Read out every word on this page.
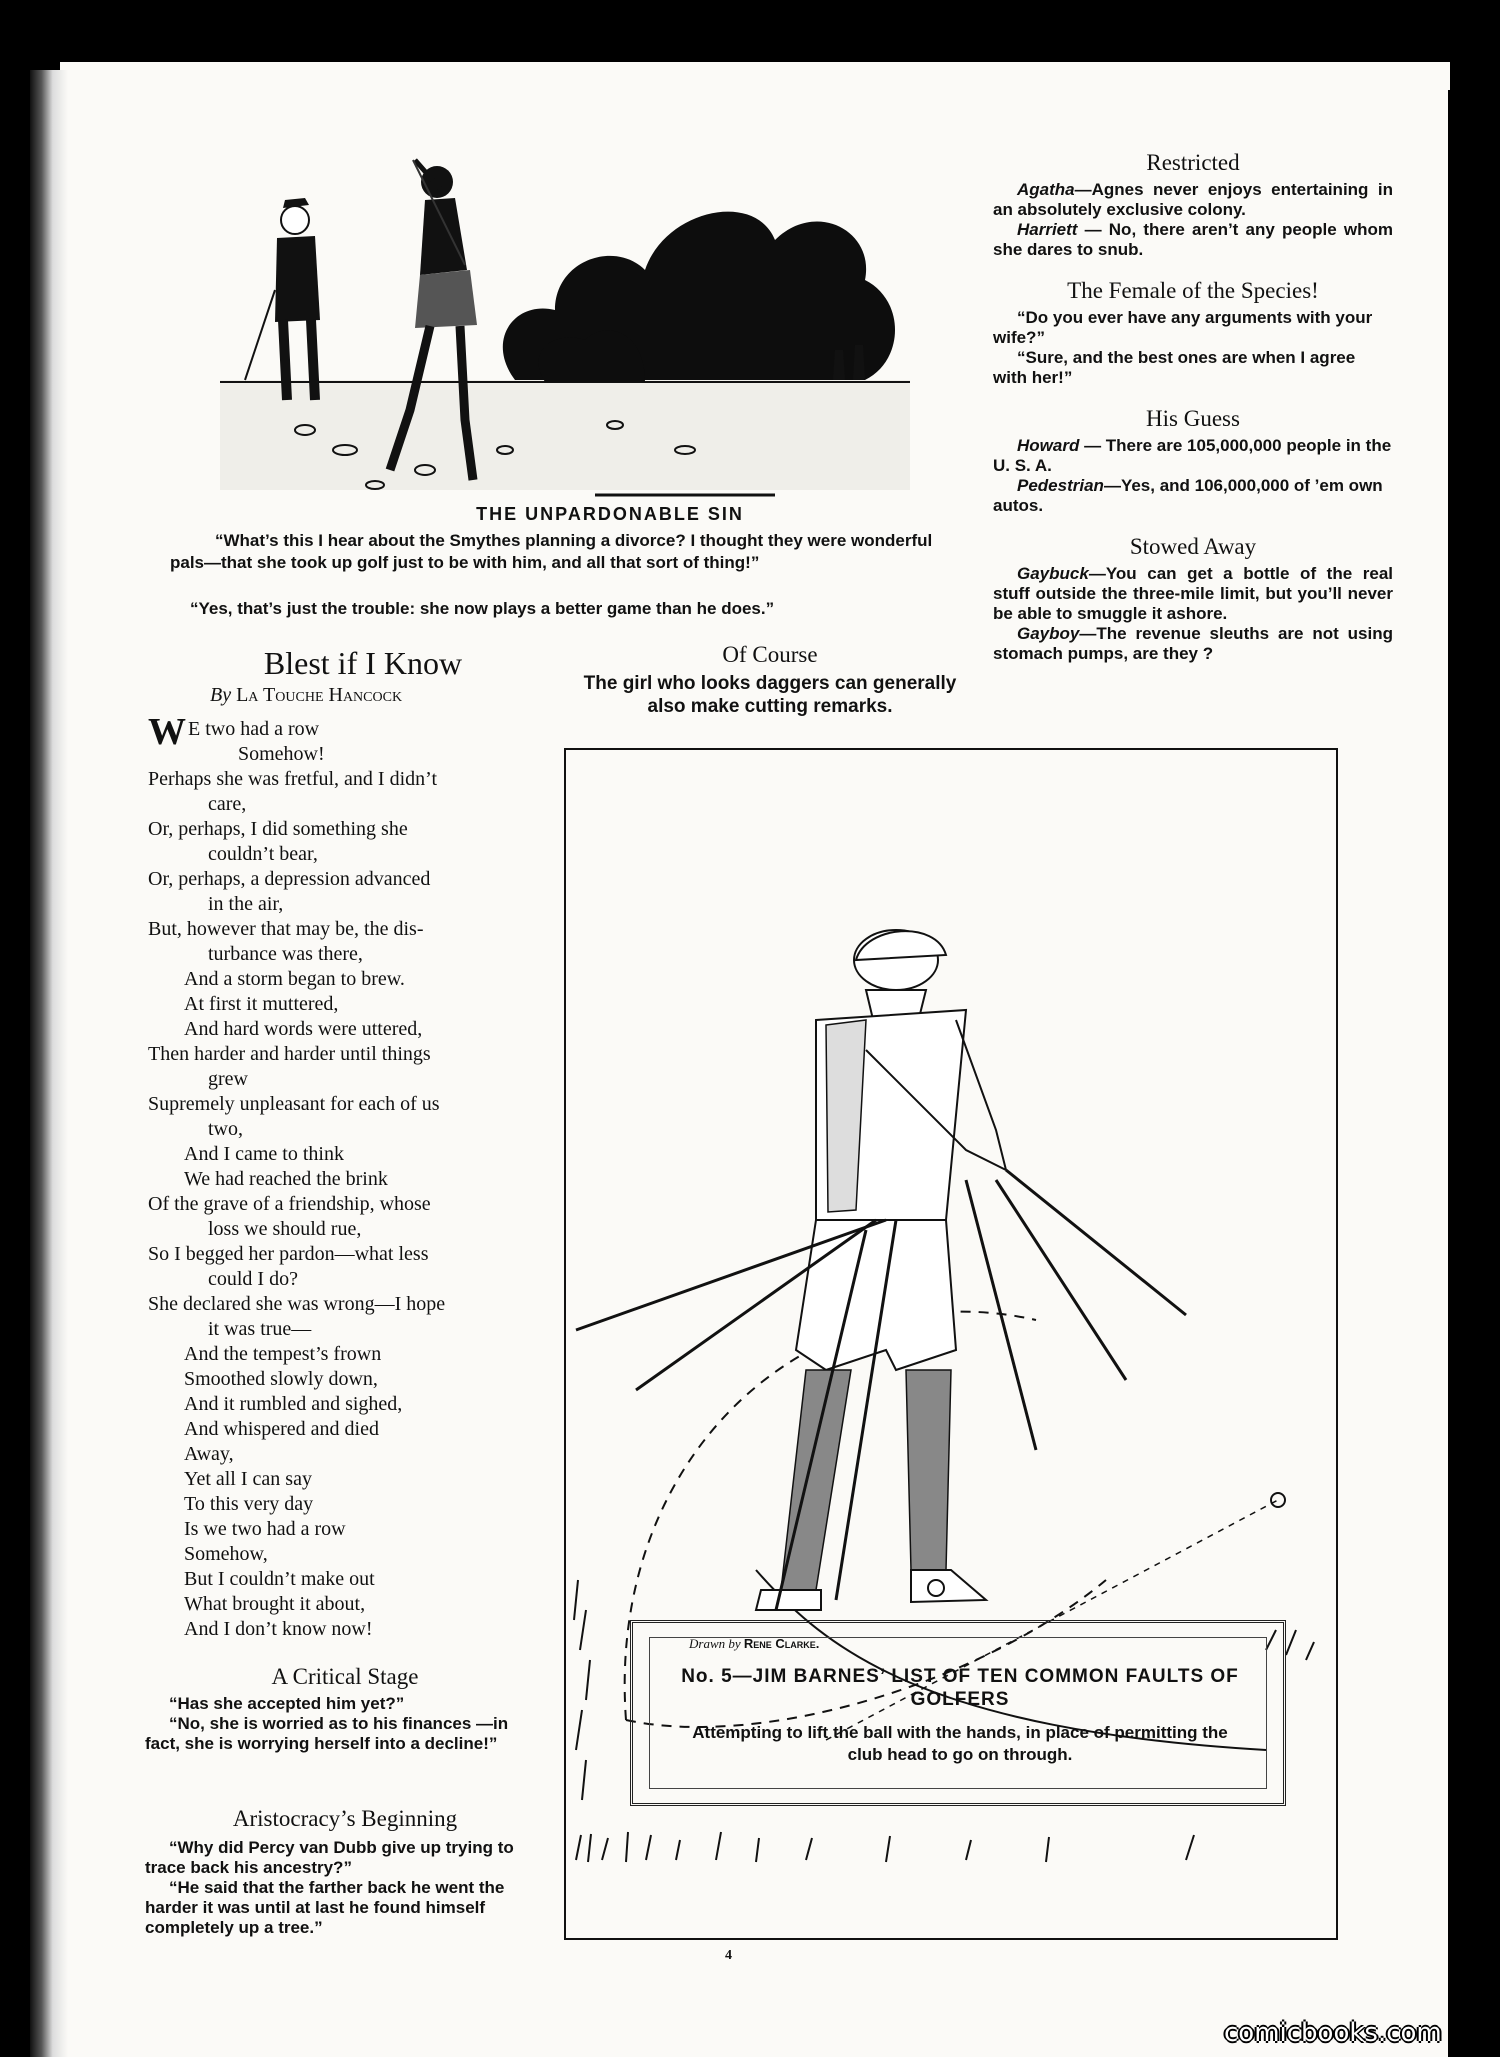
THE UNPARDONABLE SIN
“What’s this I hear about the Smythes planning a divorce? I thought they were wonderful pals—that she took up golf just to be with him, and all that sort of thing!”
“Yes, that’s just the trouble: she now plays a better game than he does.”
Restricted
Agatha—Agnes never enjoys entertaining in an absolutely exclusive colony.
Harriett — No, there aren’t any people whom she dares to snub.
The Female of the Species!
“Do you ever have any arguments with your wife?”
“Sure, and the best ones are when I agree with her!”
His Guess
Howard — There are 105,000,000 people in the U. S. A.
Pedestrian—Yes, and 106,000,000 of ’em own autos.
Stowed Away
Gaybuck—You can get a bottle of the real stuff outside the three-mile limit, but you’ll never be able to smuggle it ashore.
Gayboy—The revenue sleuths are not using stomach pumps, are they ?
Of Course
The girl who looks daggers can generally also make cutting remarks.
Blest if I Know
By La Touche Hancock
W E two had a row
Somehow!
Perhaps she was fretful, and I didn’t
care,
Or, perhaps, I did something she
couldn’t bear,
Or, perhaps, a depression advanced
in the air,
But, however that may be, the dis-
turbance was there,
And a storm began to brew.
At first it muttered,
And hard words were uttered,
Then harder and harder until things
grew
Supremely unpleasant for each of us
two,
And I came to think
We had reached the brink
Of the grave of a friendship, whose
loss we should rue,
So I begged her pardon—what less
could I do?
She declared she was wrong—I hope
it was true—
And the tempest’s frown
Smoothed slowly down,
And it rumbled and sighed,
And whispered and died
Away,
Yet all I can say
To this very day
Is we two had a row
Somehow,
But I couldn’t make out
What brought it about,
And I don’t know now!
A Critical Stage
“Has she accepted him yet?”
“No, she is worried as to his finances —in fact, she is worrying herself into a decline!”
Aristocracy’s Beginning
“Why did Percy van Dubb give up trying to trace back his ancestry?”
“He said that the farther back he went the harder it was until at last he found himself completely up a tree.”
Drawn by Rene Clarke.
No. 5—JIM BARNES’ LIST OF TEN COMMON FAULTS OF GOLFERS
Attempting to lift the ball with the hands, in place of permitting the club head to go on through.
4
comicbooks.com
